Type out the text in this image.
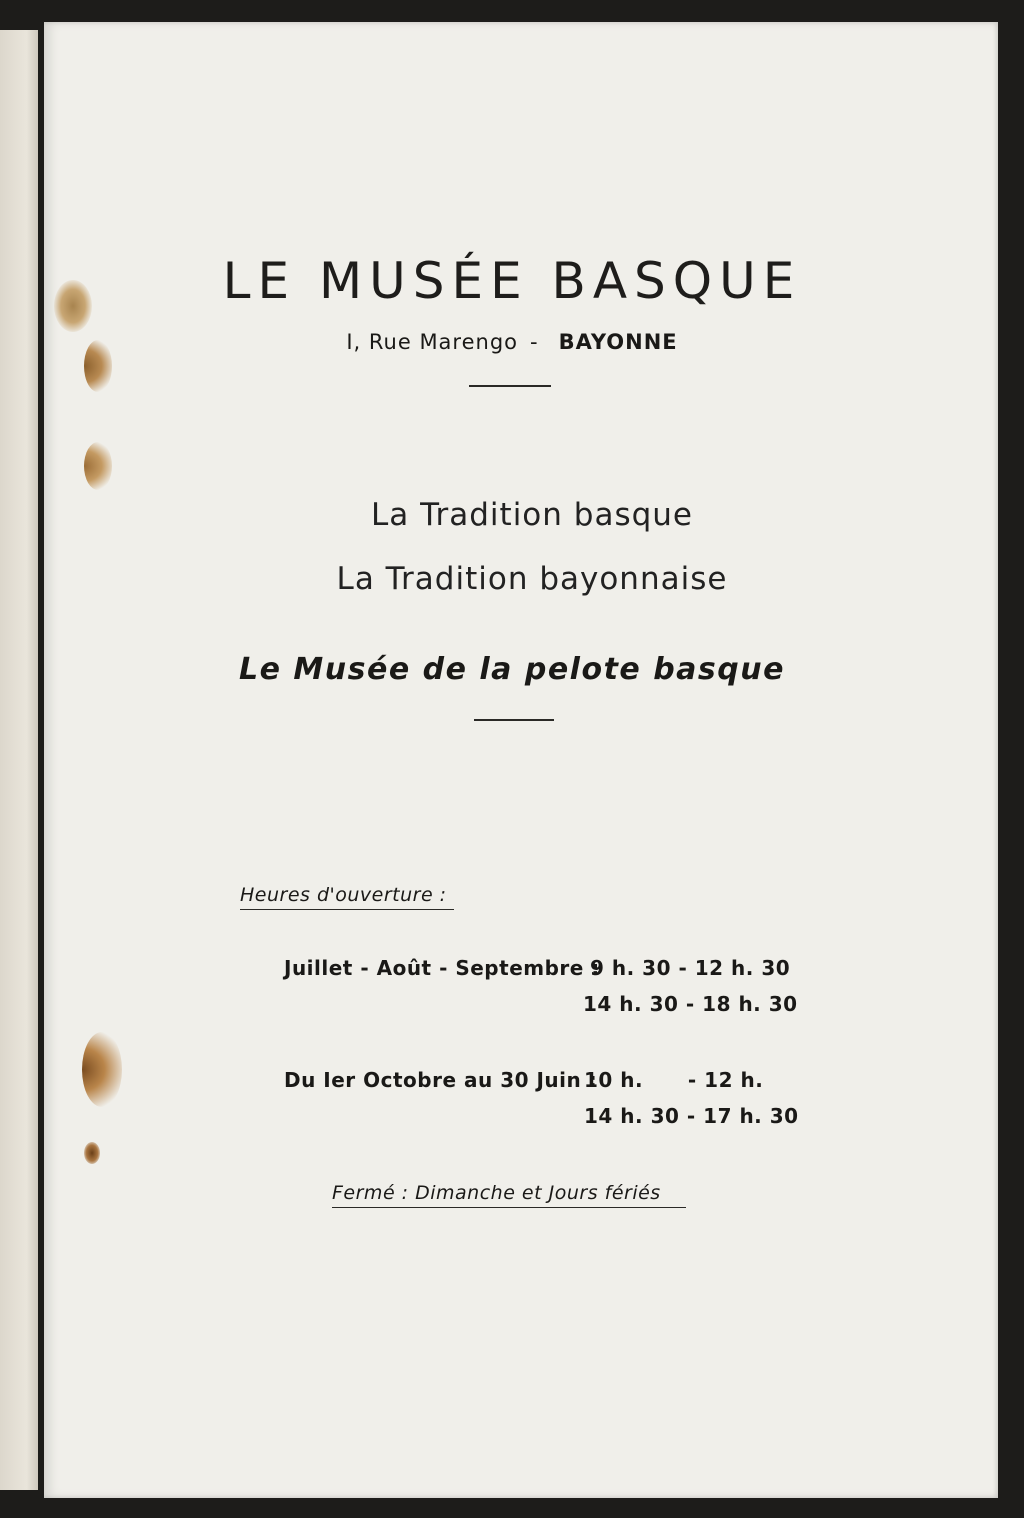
LE MUSÉE BASQUE
I, Rue Marengo - BAYONNE
La Tradition basque
La Tradition bayonnaise
Le Musée de la pelote basque
Heures d'ouverture :
Juillet - Août - Septembre :
9 h. 30 - 12 h. 30
14 h. 30 - 18 h. 30
Du Ier Octobre au 30 Juin :
10 h.      - 12 h.
14 h. 30 - 17 h. 30
Fermé : Dimanche et Jours fériés
